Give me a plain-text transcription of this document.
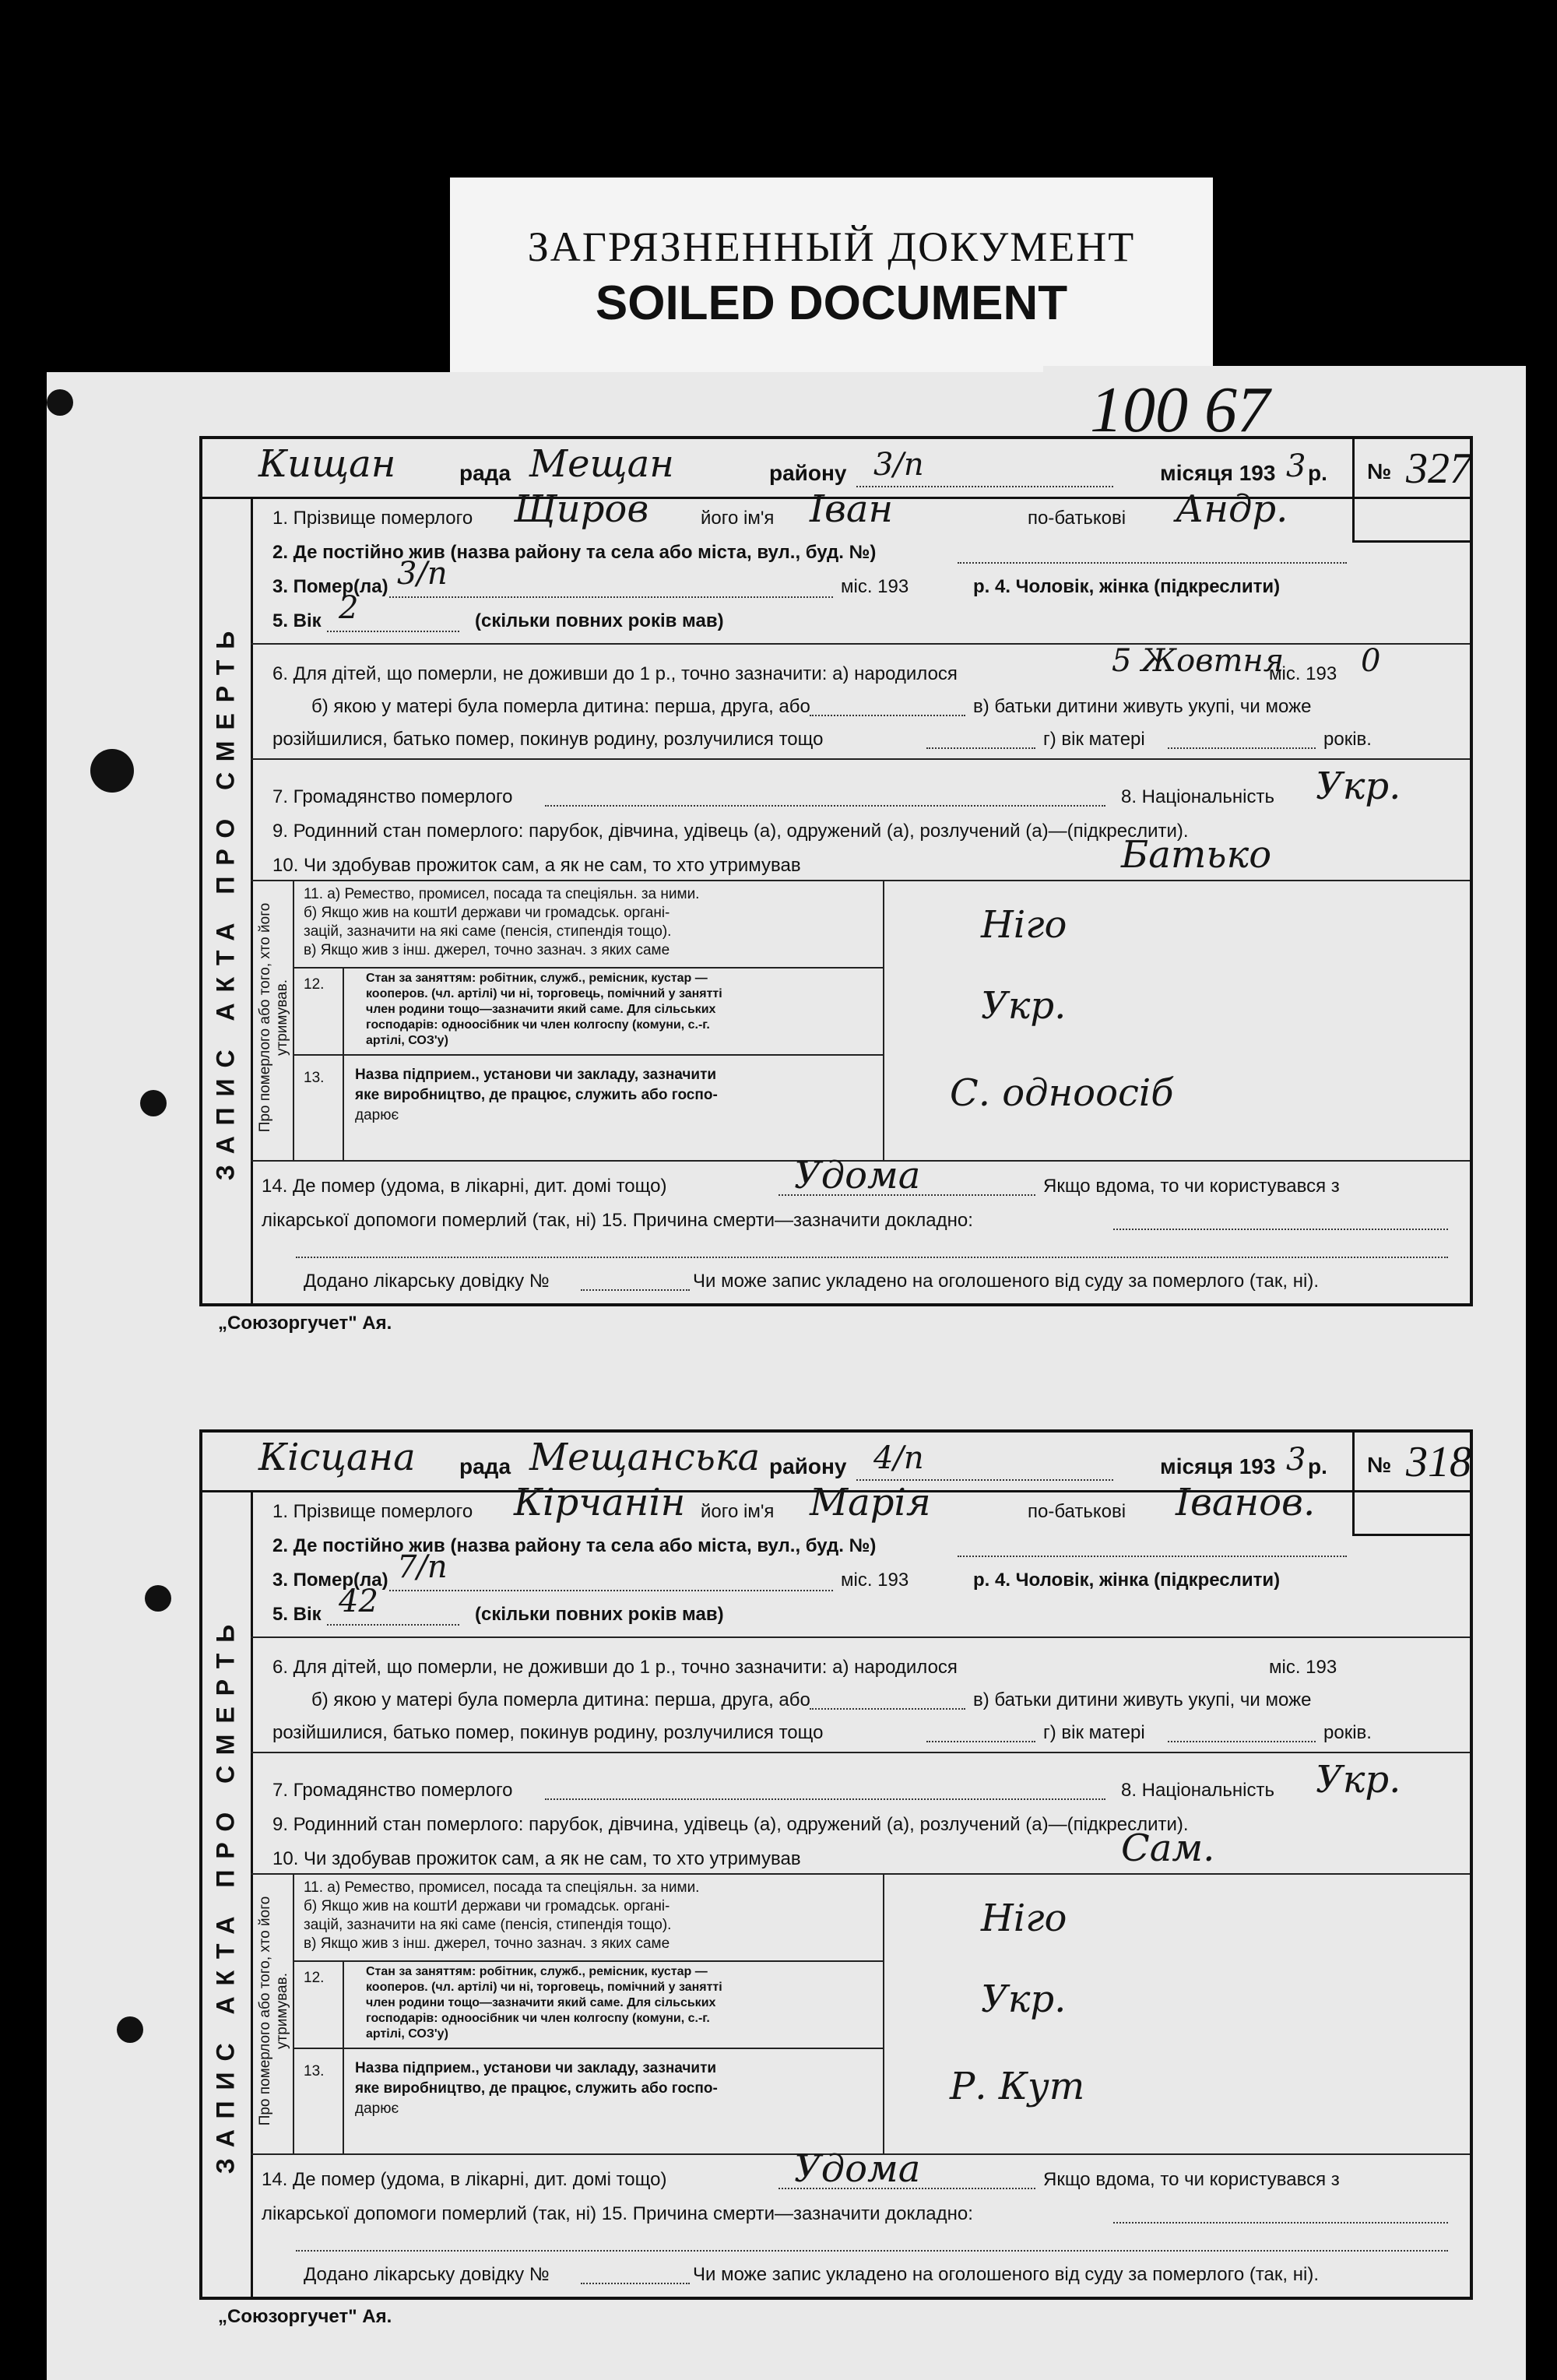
ЗАГРЯЗНЕННЫЙ ДОКУМЕНТ
SOILED DOCUMENT
100 67
Кищан	рада Мещан	району 3/п	місяця 193 3 р. № 327
ЗАПИС АКТА ПРО СМЕРТЬ
1. Прізвище померлого Щиров	його ім'я Іван	по-батькові Андр.
2. Де постійно жив (назва району та села або міста, вул., буд. №)
3. Помер(ла) 3/п	міс. 193	р. 4. Чоловік, жінка (підкреслити)
5. Вік 2	(скільки повних років мав)
6. Для дітей, що померли, не доживши до 1 р., точно зазначити: а) народилося	5 Жовтня
міс. 193 0
б) якою у матері була померла дитина: перша, друга, або	в) батьки дитини живуть укупі, чи може
розійшилися, батько помер, покинув родину, розлучилися тощо	г) вік матері	років.
7. Громадянство померлого	8. Національність Укр.
9. Родинний стан померлого: парубок, дівчина, удівець (а), одружений (а), розлучений (а)—(підкреслити).
10. Чи здобував прожиток сам, а як не сам, то хто утримував	Батько
Про померлого або того, хто його утримував.
11. а) Ремество, промисел, посада та спеціяльн. за ними.
б) Якщо жив на коштИ держави чи громадськ. органі-
зацій, зазначити на які саме (пенсія, стипендія тощо).
в) Якщо жив з інш. джерел, точно зазнач. з яких саме
Ніго
12.	Стан за заняттям: робітник, служб., ремісник, кустар —
кооперов. (чл. артілі) чи ні, торговець, помічний у занятті
член родини тощо—зазначити який саме. Для сільських
господарів: одноосібник чи член колгоспу (комуни, с.-г.
артілі, СОЗ'у)
Укр.
13. Назва підприем., установи чи закладу, зазначити
яке виробництво, де працює, служить або госпо-
дарює
С. одноосіб
14. Де помер (удома, в лікарні, дит. домі тощо)	Удома	Якщо вдома, то чи користувався з
лікарської допомоги померлий (так, ні) 15. Причина смерти—зазначити докладно:
Додано лікарську довідку №	Чи може запис укладено на оголошеного від суду за померлого (так, ні).
„Союзоргучет" Ая.
Кісцана рада Мещанська району 4/п	місяця 193 3 р. № 318
ЗАПИС АКТА ПРО СМЕРТЬ
1. Прізвище померлого Кірчанін його ім'я Марія	по-батькові Іванов.
2. Де постійно жив (назва району та села або міста, вул., буд. №)
3. Помер(ла) 7/п	міс. 193	р. 4. Чоловік, жінка (підкреслити)
5. Вік 42	(скільки повних років мав)
6. Для дітей, що померли, не доживши до 1 р., точно зазначити: а) народилося	міс. 193
б) якою у матері була померла дитина: перша, друга, або	в) батьки дитини живуть укупі, чи може
розійшилися, батько помер, покинув родину, розлучилися тощо	г) вік матері	років.
7. Громадянство померлого	8. Національність Укр.
9. Родинний стан померлого: парубок, дівчина, удівець (а), одружений (а), розлучений (а)—(підкреслити).
10. Чи здобував прожиток сам, а як не сам, то хто утримував	Сам.
Про померлого або того, хто його утримував.
11. а) Ремество, промисел, посада та спеціяльн. за ними.
б) Якщо жив на коштИ держави чи громадськ. органі-
зацій, зазначити на які саме (пенсія, стипендія тощо).
в) Якщо жив з інш. джерел, точно зазнач. з яких саме
Ніго
12.	Стан за заняттям: робітник, служб., ремісник, кустар —
кооперов. (чл. артілі) чи ні, торговець, помічний у занятті
член родини тощо—зазначити який саме. Для сільських
господарів: одноосібник чи член колгоспу (комуни, с.-г.
артілі, СОЗ'у)
Укр.
13. Назва підприем., установи чи закладу, зазначити
яке виробництво, де працює, служить або госпо-
дарює
Р. Кут
14. Де помер (удома, в лікарні, дит. домі тощо)	Удома	Якщо вдома, то чи користувався з
лікарської допомоги померлий (так, ні) 15. Причина смерти—зазначити докладно:
Додано лікарську довідку №	Чи може запис укладено на оголошеного від суду за померлого (так, ні).
„Союзоргучет" Ая.
